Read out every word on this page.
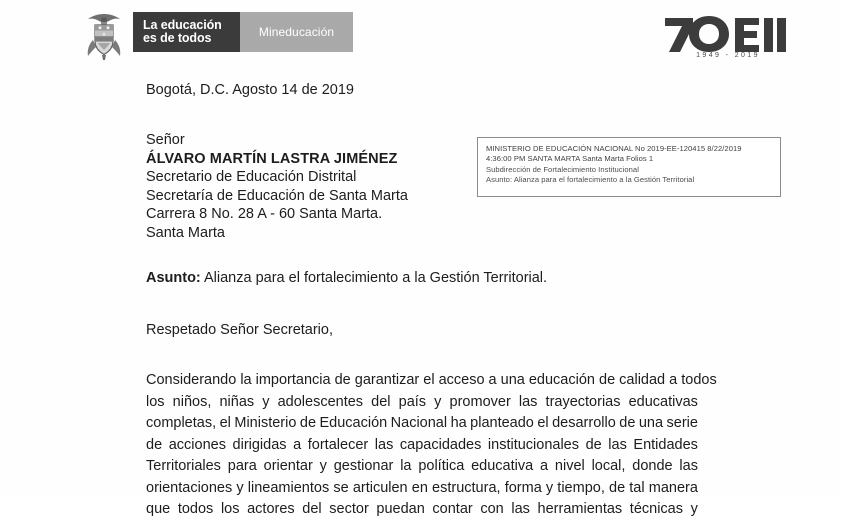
La educación
es de todos	Mineducación
1949 - 2019
Bogotá, D.C. Agosto 14 de 2019
Señor
ÁLVARO MARTÍN LASTRA JIMÉNEZ
Secretario de Educación Distrital
Secretaría de Educación de Santa Marta
Carrera 8 No. 28 A - 60 Santa Marta.
Santa Marta
MINISTERIO DE EDUCACIÓN NACIONAL No 2019-EE-120415 8/22/2019
4:36:00 PM SANTA MARTA Santa Marta Folios 1
Subdirección de Fortalecimiento Institucional
Asunto: Alianza para el fortalecimiento a la Gestión Territorial
Asunto: Alianza para el fortalecimiento a la Gestión Territorial.
Respetado Señor Secretario,
Considerando la importancia de garantizar el acceso a una educación de calidad a todos
los niños, niñas y adolescentes del país y promover las trayectorias educativas
completas, el Ministerio de Educación Nacional ha planteado el desarrollo de una serie
de acciones dirigidas a fortalecer las capacidades institucionales de las Entidades
Territoriales para orientar y gestionar la política educativa a nivel local, donde las
orientaciones y lineamientos se articulen en estructura, forma y tiempo, de tal manera
que todos los actores del sector puedan contar con las herramientas técnicas y
